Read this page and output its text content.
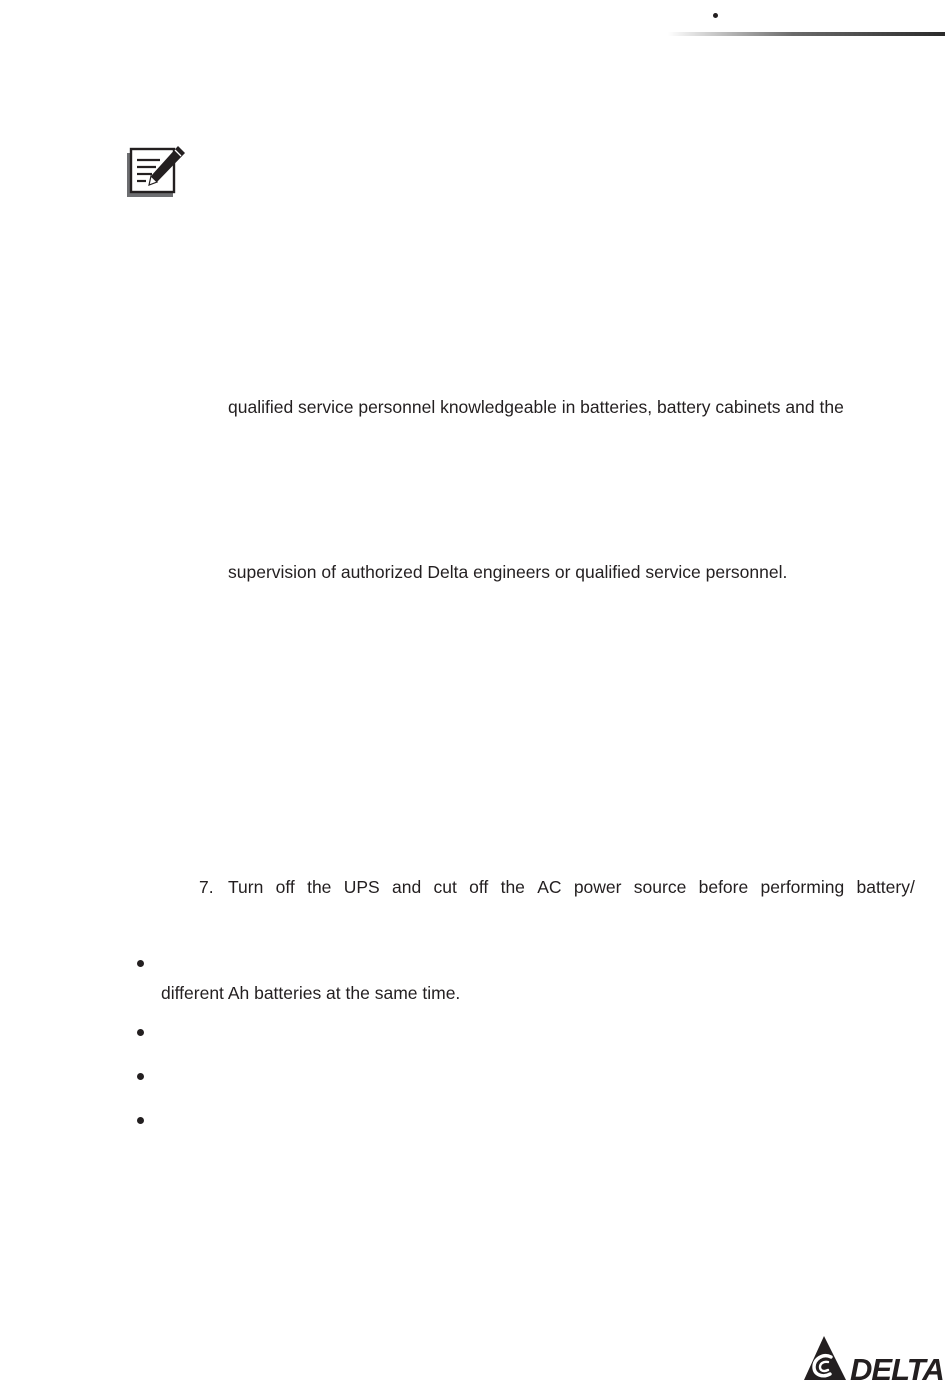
qualified service personnel knowledgeable in batteries, battery cabinets and the
supervision of authorized Delta engineers or qualified service personnel.
7. Turn off the UPS and cut off the AC power source before performing battery/
different Ah batteries at the same time.
DELTA
